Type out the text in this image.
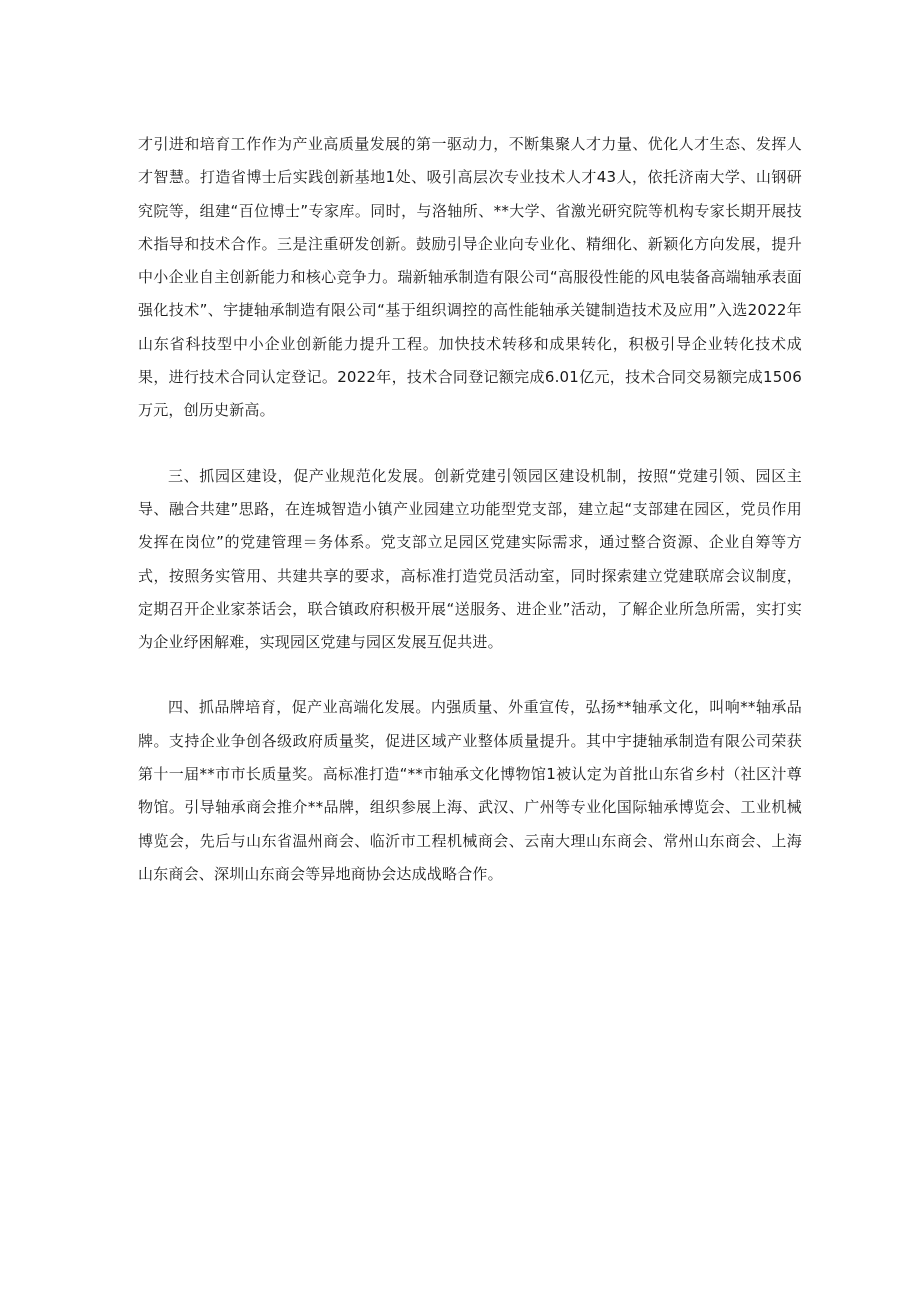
才引进和培育工作作为产业高质量发展的第一驱动力，不断集聚人才力量、优化人才生态、发挥人才智慧。打造省博士后实践创新基地1处、吸引高层次专业技术人才43人，依托济南大学、山钢研究院等，组建“百位博士”专家库。同时，与洛轴所、**大学、省激光研究院等机构专家长期开展技术指导和技术合作。三是注重研发创新。鼓励引导企业向专业化、精细化、新颖化方向发展，提升中小企业自主创新能力和核心竞争力。瑞新轴承制造有限公司“高服役性能的风电装备高端轴承表面强化技术”、宇捷轴承制造有限公司“基于组织调控的高性能轴承关键制造技术及应用”入选2022年山东省科技型中小企业创新能力提升工程。加快技术转移和成果转化，积极引导企业转化技术成果，进行技术合同认定登记。2022年，技术合同登记额完成6.01亿元，技术合同交易额完成1506万元，创历史新高。

三、抓园区建设，促产业规范化发展。创新党建引领园区建设机制，按照“党建引领、园区主导、融合共建”思路，在连城智造小镇产业园建立功能型党支部，建立起“支部建在园区，党员作用发挥在岗位”的党建管理＝务体系。党支部立足园区党建实际需求，通过整合资源、企业自筹等方式，按照务实管用、共建共享的要求，高标准打造党员活动室，同时探索建立党建联席会议制度，定期召开企业家茶话会，联合镇政府积极开展“送服务、进企业”活动，了解企业所急所需，实打实为企业纾困解难，实现园区党建与园区发展互促共进。

四、抓品牌培育，促产业高端化发展。内强质量、外重宣传，弘扬**轴承文化，叫响**轴承品牌。支持企业争创各级政府质量奖，促进区域产业整体质量提升。其中宇捷轴承制造有限公司荣获第十一届**市市长质量奖。高标准打造“**市轴承文化博物馆1被认定为首批山东省乡村（社区汁尊物馆。引导轴承商会推介**品牌，组织参展上海、武汉、广州等专业化国际轴承博览会、工业机械博览会，先后与山东省温州商会、临沂市工程机械商会、云南大理山东商会、常州山东商会、上海山东商会、深圳山东商会等异地商协会达成战略合作。
